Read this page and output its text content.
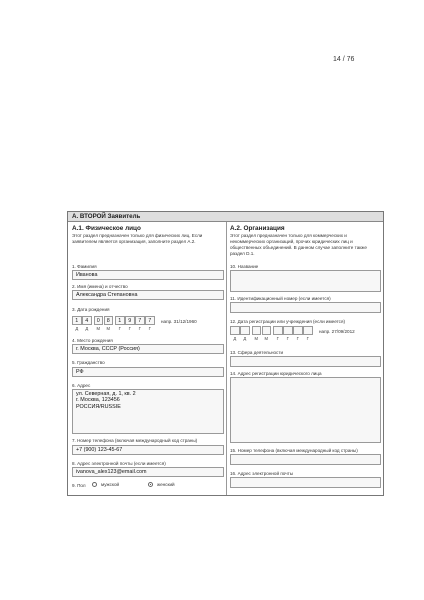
14 / 76
A. ВТОРОЙ Заявитель
A.1. Физическое лицо
Этот раздел предназначен только для физических лиц. Если заявителем является организация, заполните раздел A.2.
1. Фамилия
Иванова
2. Имя (имена) и отчество
Александра Степановна
3. Дата рождения
1	4	0	8	1	9	7	7	напр. 31/12/1960
Д	Д	М	М	Г	Г	Г	Г
4. Место рождения
г. Москва, СССР (Россия)
5. Гражданство
РФ
6. Адрес
ул. Северная, д. 1, кв. 2
г. Москва, 123456
РОССИЯ/RUSSIE
7. Номер телефона (включая международный код страны)
+7 (900) 123-45-67
8. Адрес электронной почты (если имеется)
ivanova_alex123@email.com
9. Пол	мужской	женский
A.2. Организация
Этот раздел предназначен только для коммерческих и некоммерческих организаций, прочих юридических лиц и общественных объединений. В данном случае заполните также раздел D.1.
10. Название
11. Идентификационный номер (если имеется)
12. Дата регистрации или учреждения (если имеется)
напр. 27/09/2012
Д	Д	М	М	Г	Г	Г	Г
13. Сфера деятельности
14. Адрес регистрации юридического лица
15. Номер телефона (включая международный код страны)
16. Адрес электронной почты
